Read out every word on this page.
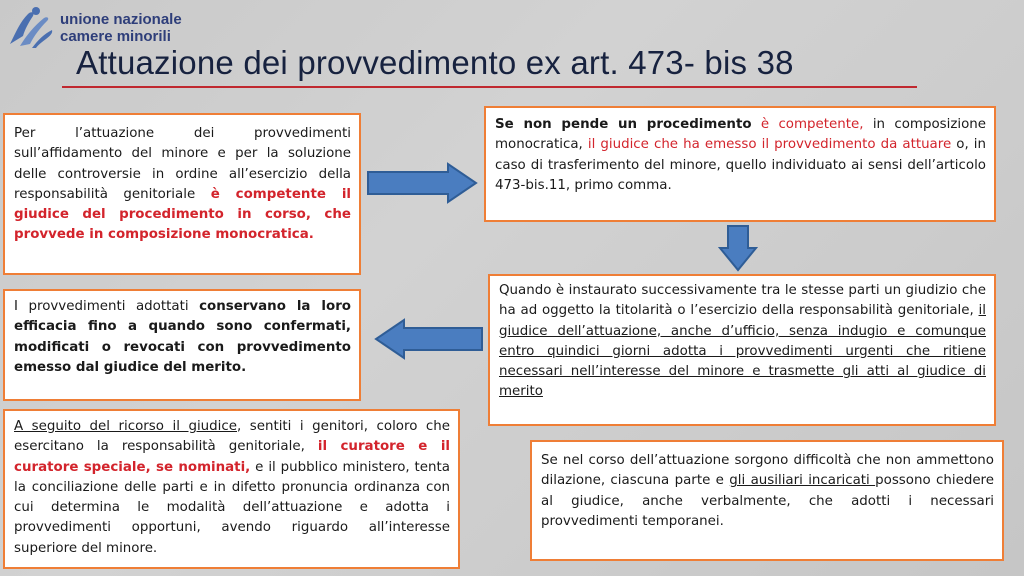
unione nazionale
camere minorili
Attuazione dei provvedimento ex art. 473- bis 38
Per l’attuazione dei provvedimenti sull’affidamento del minore e per la soluzione delle controversie in ordine all’esercizio della responsabilità genitoriale è competente il giudice del procedimento in corso, che provvede in composizione monocratica.
Se non pende un procedimento è competente, in composizione monocratica, il giudice che ha emesso il provvedimento da attuare o, in caso di trasferimento del minore, quello individuato ai sensi dell’articolo 473-bis.11, primo comma.
Quando è instaurato successivamente tra le stesse parti un giudizio che ha ad oggetto la titolarità o l’esercizio della responsabilità genitoriale, il giudice dell’attuazione, anche d’ufficio, senza indugio e comunque entro quindici giorni adotta i provvedimenti urgenti che ritiene necessari nell’interesse del minore e trasmette gli atti al giudice di merito
I provvedimenti adottati conservano la loro efficacia fino a quando sono confermati, modificati o revocati con provvedimento emesso dal giudice del merito.
A seguito del ricorso il giudice, sentiti i genitori, coloro che esercitano la responsabilità genitoriale, il curatore e il curatore speciale, se nominati, e il pubblico ministero, tenta la conciliazione delle parti e in difetto pronuncia ordinanza con cui determina le modalità dell’attuazione e adotta i provvedimenti opportuni, avendo riguardo all’interesse superiore del minore.
Se nel corso dell’attuazione sorgono difficoltà che non ammettono dilazione, ciascuna parte e gli ausiliari incaricati possono chiedere al giudice, anche verbalmente, che adotti i necessari provvedimenti temporanei.
